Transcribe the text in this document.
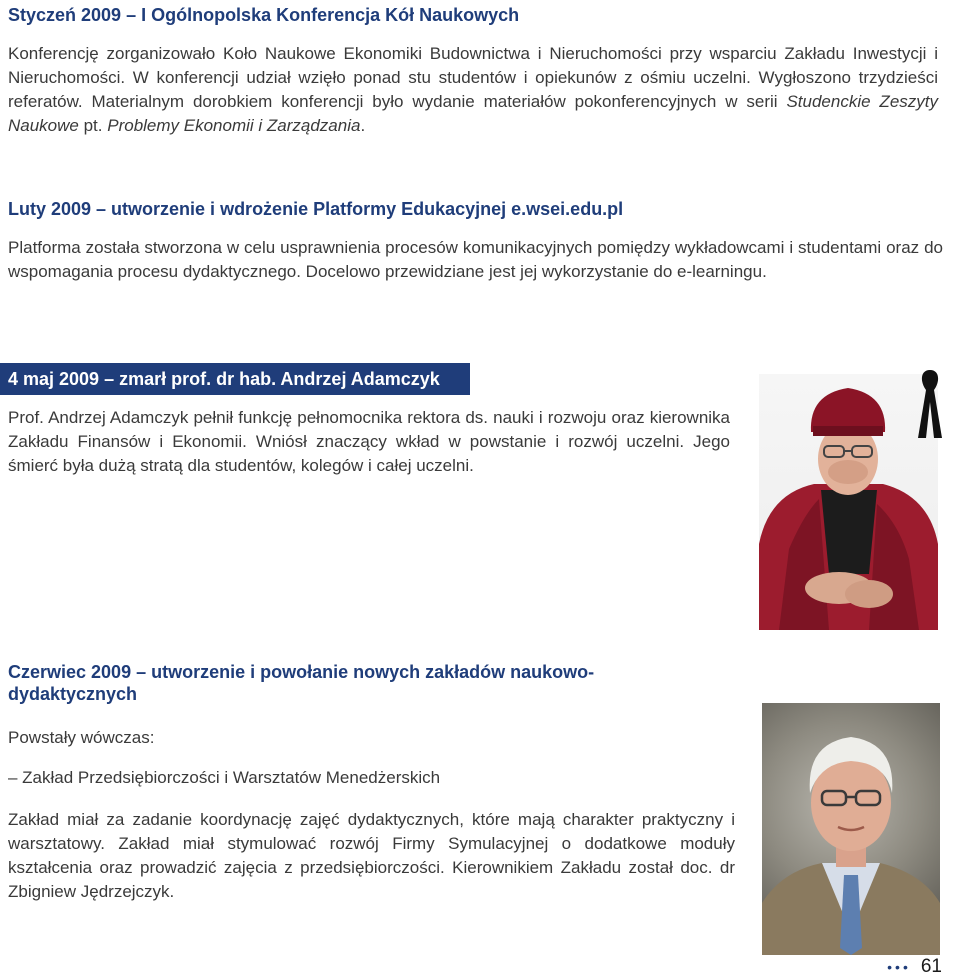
Styczeń 2009 – I Ogólnopolska Konferencja Kół Naukowych

Konferencję zorganizowało Koło Naukowe Ekonomiki Budownictwa i Nieruchomości przy wsparciu Zakładu Inwestycji i Nieruchomości. W konferencji udział wzięło ponad stu studentów i opiekunów z ośmiu uczelni. Wygłoszono trzydzieści referatów. Materialnym dorobkiem konferencji było wydanie materiałów pokonferencyjnych w serii Studenckie Zeszyty Naukowe pt. Problemy Ekonomii i Zarządzania.

Luty 2009 – utworzenie i wdrożenie Platformy Edukacyjnej e.wsei.edu.pl

Platforma została stworzona w celu usprawnienia procesów komunikacyjnych pomiędzy wykładowcami i studentami oraz do wspomagania procesu dydaktycznego. Docelowo przewidziane jest jej wykorzystanie do e-learningu.

4 maj 2009 – zmarł prof. dr hab. Andrzej Adamczyk

Prof. Andrzej Adamczyk pełnił funkcję pełnomocnika rektora ds. nauki i rozwoju oraz kierownika Zakładu Finansów i Ekonomii. Wniósł znaczący wkład w powstanie i rozwój uczelni. Jego śmierć była dużą stratą dla studentów, kolegów i całej uczelni.

Czerwiec 2009 – utworzenie i powołanie nowych zakładów naukowo-dydaktycznych

Powstały wówczas:

– Zakład Przedsiębiorczości i Warsztatów Menedżerskich

Zakład miał za zadanie koordynację zajęć dydaktycznych, które mają charakter praktyczny i warsztatowy. Zakład miał stymulować rozwój Firmy Symulacyjnej o dodatkowe moduły kształcenia oraz prowadzić zajęcia z przedsiębiorczości. Kierownikiem Zakładu został doc. dr Zbigniew Jędrzejczyk.

••• 61
